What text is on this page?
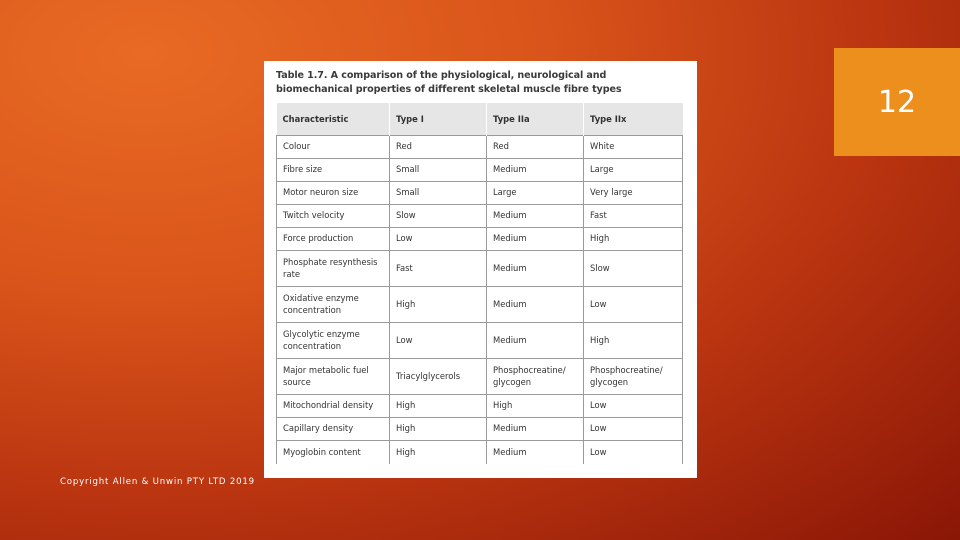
12
Table 1.7. A comparison of the physiological, neurological and biomechanical properties of different skeletal muscle fibre types
Characteristic	Type I	Type IIa	Type IIx
Colour	Red	Red	White
Fibre size	Small	Medium	Large
Motor neuron size	Small	Large	Very large
Twitch velocity	Slow	Medium	Fast
Force production	Low	Medium	High
Phosphate resynthesis rate	Fast	Medium	Slow
Oxidative enzyme concentration	High	Medium	Low
Glycolytic enzyme concentration	Low	Medium	High
Major metabolic fuel source	Triacylglycerols	Phosphocreatine/ glycogen	Phosphocreatine/ glycogen
Mitochondrial density	High	High	Low
Capillary density	High	Medium	Low
Myoglobin content	High	Medium	Low
Copyright Allen & Unwin PTY LTD 2019
